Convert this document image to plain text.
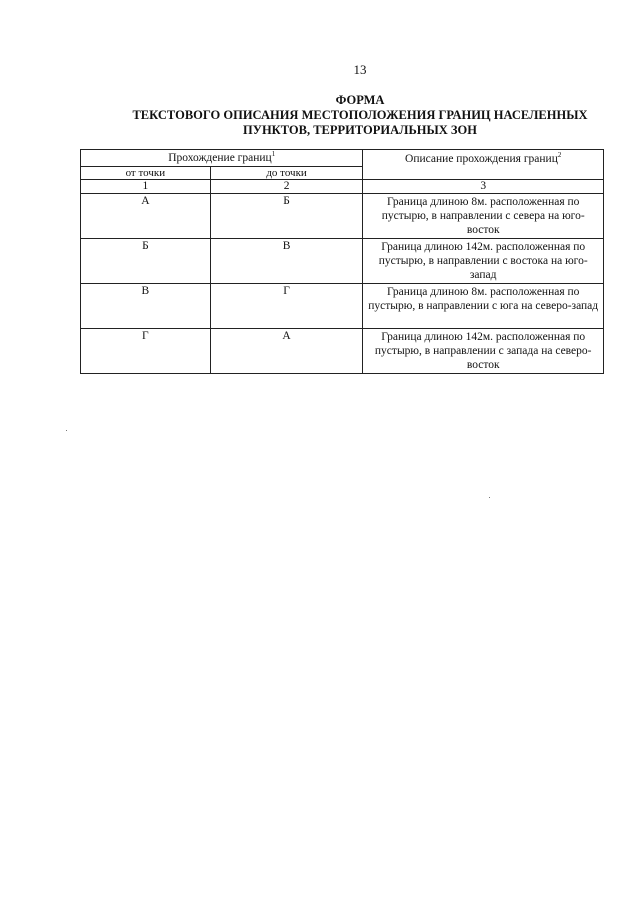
13
ФОРМА
ТЕКСТОВОГО ОПИСАНИЯ МЕСТОПОЛОЖЕНИЯ ГРАНИЦ НАСЕЛЕННЫХ
ПУНКТОВ, ТЕРРИТОРИАЛЬНЫХ ЗОН
Прохождение границ$^1$		Описание прохождения границ$^2$
от точки	до точки	
1	2	3
А	Б	Граница длиною 8м. расположенная по пустырю, в направлении с севера на юго-восток
Б	В	Граница длиною 142м. расположенная по пустырю, в направлении с востока на юго-запад
В	Г	Граница длиною 8м. расположенная по пустырю, в направлении с юга на северо-запад
Г	А	Граница длиною 142м. расположенная по пустырю, в направлении с запада на северо-восток
